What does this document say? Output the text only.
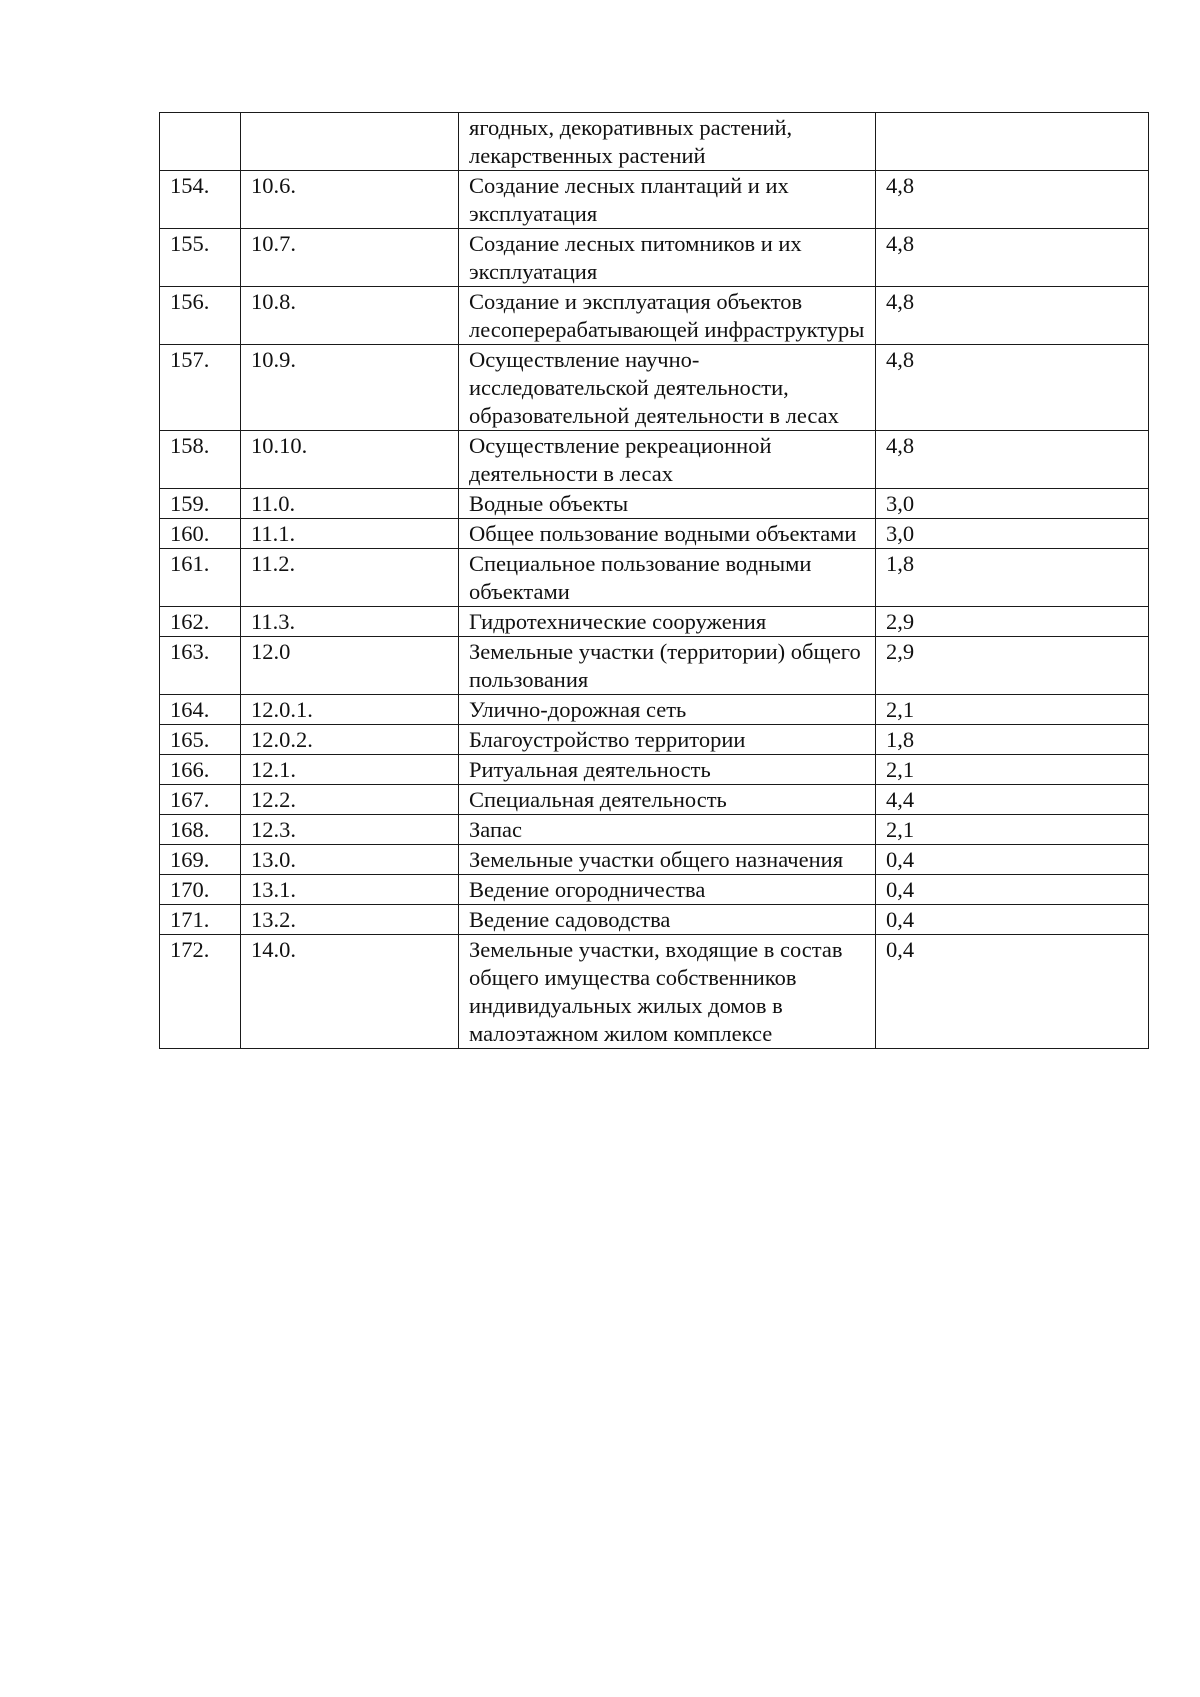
		ягодных, декоративных растений, лекарственных растений	
154.	10.6.	Создание лесных плантаций и их эксплуатация	4,8
155.	10.7.	Создание лесных питомников и их эксплуатация	4,8
156.	10.8.	Создание и эксплуатация объектов лесоперерабатывающей инфраструктуры	4,8
157.	10.9.	Осуществление научно-исследовательской деятельности, образовательной деятельности в лесах	4,8
158.	10.10.	Осуществление рекреационной деятельности в лесах	4,8
159.	11.0.	Водные объекты	3,0
160.	11.1.	Общее пользование водными объектами	3,0
161.	11.2.	Специальное пользование водными объектами	1,8
162.	11.3.	Гидротехнические сооружения	2,9
163.	12.0	Земельные участки (территории) общего пользования	2,9
164.	12.0.1.	Улично-дорожная сеть	2,1
165.	12.0.2.	Благоустройство территории	1,8
166.	12.1.	Ритуальная деятельность	2,1
167.	12.2.	Специальная деятельность	4,4
168.	12.3.	Запас	2,1
169.	13.0.	Земельные участки общего назначения	0,4
170.	13.1.	Ведение огородничества	0,4
171.	13.2.	Ведение садоводства	0,4
172.	14.0.	Земельные участки, входящие в состав общего имущества собственников индивидуальных жилых домов в малоэтажном жилом комплексе	0,4
